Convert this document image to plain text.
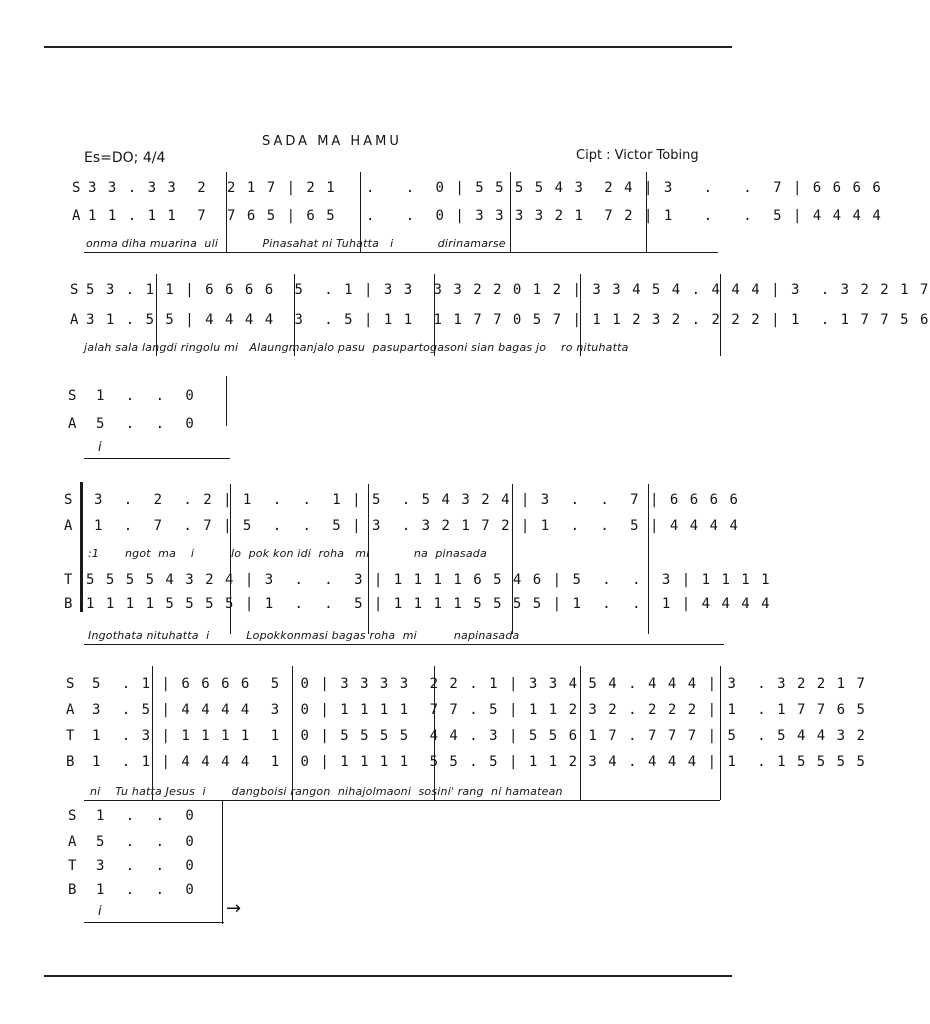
SADA MA HAMU
Es=DO; 4/4	Cipt : Victor Tobing
S 3 3 . 3 3  2  2 1 7 | 2 1   .   .  0 | 5 5 5 5 4 3  2 4 | 3   .   .  7 | 6 6 6 6
A 1 1 . 1 1  7  7 6 5 | 6 5   .   .  0 | 3 3 3 3 2 1  7 2 | 1   .   .  5 | 4 4 4 4
onma diha muarina  uli            Pinasahat ni Tuhatta   i            dirinamarse
S 5 3 . 1 1 | 6 6 6 6  5  . 1 | 3 3  3 3 2 2 0 1 2 | 3 3 4 5 4 . 4 4 4 | 3  . 3 2 2 1 7
A 3 1 . 5 5 | 4 4 4 4  3  . 5 | 1 1  1 1 7 7 0 5 7 | 1 1 2 3 2 . 2 2 2 | 1  . 1 7 7 5 6
jalah sala langdi ringolu mi   Alaungmanjalo pasu  pasupartogasoni sian bagas jo    ro nituhatta
S 1  .  .  0
A 5  .  .  0
i
S 3  .  2  . 2 | 1  .  .  1 | 5  . 5 4 3 2 4 | 3  .  .  7 | 6 6 6 6
A 1  .  7  . 7 | 5  .  .  5 | 3  . 3 2 1 7 2 | 1  .  .  5 | 4 4 4 4
:1       ngot  ma    i          lo  pok kon idi  roha   mi            na  pinasada
T 5 5 5 5 4 3 2 4 | 3  .  .  3 | 1 1 1 1 6 5 4 6 | 5  .  .  3 | 1 1 1 1
B 1 1 1 1 5 5 5 5 | 1  .  .  5 | 1 1 1 1 5 5 5 5 | 1  .  .  1 | 4 4 4 4
Ingothata nituhatta  i          Lopokkonmasi bagas roha  mi          napinasada
S 5  . 1 | 6 6 6 6  5  0 | 3 3 3 3  2 2 . 1 | 3 3 4 5 4 . 4 4 4 | 3  . 3 2 2 1 7
A 3  . 5 | 4 4 4 4  3  0 | 1 1 1 1  7 7 . 5 | 1 1 2 3 2 . 2 2 2 | 1  . 1 7 7 6 5
T 1  . 3 | 1 1 1 1  1  0 | 5 5 5 5  4 4 . 3 | 5 5 6 1 7 . 7 7 7 | 5  . 5 4 4 3 2
B 1  . 1 | 4 4 4 4  1  0 | 1 1 1 1  5 5 . 5 | 1 1 2 3 4 . 4 4 4 | 1  . 1 5 5 5 5
ni    Tu hatta Jesus  i       dangboisi rangon  nihajolmaoni  sosiniꜝ rang  ni hamatean
S 1  .  .  0
A 5  .  .  0
T 3  .  .  0
B 1  .  .  0
i	→
